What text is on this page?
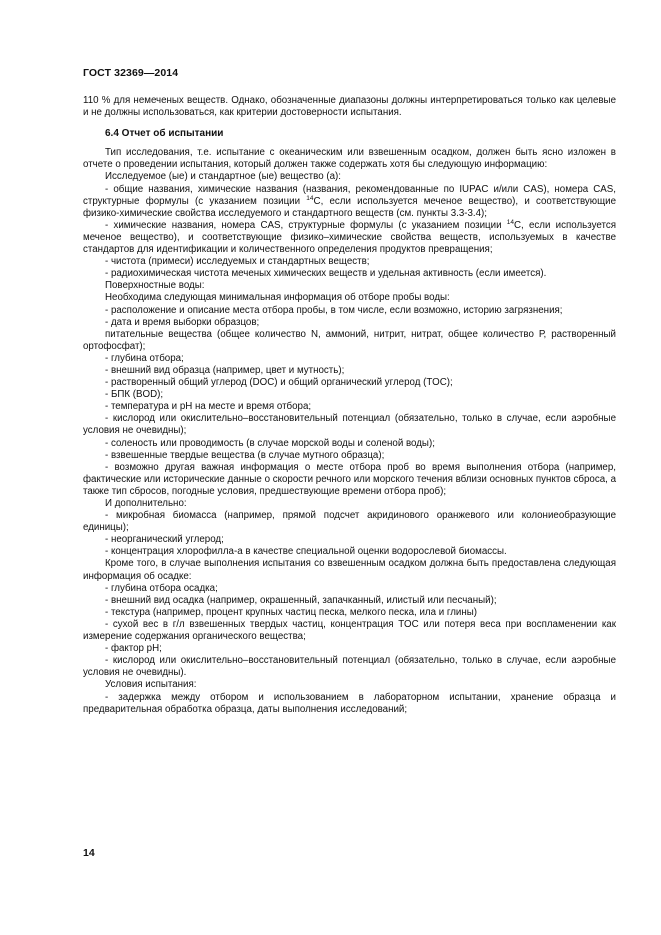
ГОСТ 32369—2014

110 % для немеченых веществ. Однако, обозначенные диапазоны должны интерпретироваться только как целевые и не должны использоваться, как критерии достоверности испытания.

6.4 Отчет об испытании

Тип исследования, т.е. испытание с океаническим или взвешенным осадком, должен быть ясно изложен в отчете о проведении испытания, который должен также содержать хотя бы следующую информацию:

Исследуемое (ые) и стандартное (ые) вещество (а):

- общие названия, химические названия (названия, рекомендованные по IUPAC и/или CAS), номера CAS, структурные формулы (с указанием позиции $^{14}$С, если используется меченое вещество), и соответствующие физико-химические свойства исследуемого и стандартного веществ (см. пункты 3.3-3.4);

- химические названия, номера CAS, структурные формулы (с указанием позиции $^{14}$С, если используется меченое вещество), и соответствующие физико–химические свойства веществ, используемых в качестве стандартов для идентификации и количественного определения продуктов превращения;

- чистота (примеси) исследуемых и стандартных веществ;

- радиохимическая чистота меченых химических веществ и удельная активность (если имеется).

Поверхностные воды:

Необходима следующая минимальная информация об отборе пробы воды:

- расположение и описание места отбора пробы, в том числе, если возможно, историю загрязнения;

- дата и время выборки образцов;

питательные вещества (общее количество N, аммоний, нитрит, нитрат, общее количество Р, растворенный ортофосфат);

- глубина отбора;

- внешний вид образца (например, цвет и мутность);

- растворенный общий углерод (DOC) и общий органический углерод (TOC);

- БПК (BOD);

- температура и pH на месте и время отбора;

- кислород или окислительно–восстановительный потенциал (обязательно, только в случае, если аэробные условия не очевидны);

- соленость или проводимость (в случае морской воды и соленой воды);

- взвешенные твердые вещества (в случае мутного образца);

- возможно другая важная информация о месте отбора проб во время выполнения отбора (например, фактические или исторические данные о скорости речного или морского течения вблизи основных пунктов сброса, а также тип сбросов, погодные условия, предшествующие времени отбора проб);

И дополнительно:

- микробная биомасса (например, прямой подсчет акридинового оранжевого или колониеобразующие единицы);

- неорганический углерод;

- концентрация хлорофилла-а в качестве специальной оценки водорослевой биомассы.

Кроме того, в случае выполнения испытания со взвешенным осадком должна быть предоставлена следующая информация об осадке:

- глубина отбора осадка;

- внешний вид осадка (например, окрашенный, запачканный, илистый или песчаный);

- текстура (например, процент крупных частиц песка, мелкого песка, ила и глины)

- сухой вес в г/л взвешенных твердых частиц, концентрация TOC или потеря веса при воспламенении как измерение содержания органического вещества;

- фактор pH;

- кислород или окислительно–восстановительный потенциал (обязательно, только в случае, если аэробные условия не очевидны).

Условия испытания:

- задержка между отбором и использованием в лабораторном испытании, хранение образца и предварительная обработка образца, даты выполнения исследований;

14
